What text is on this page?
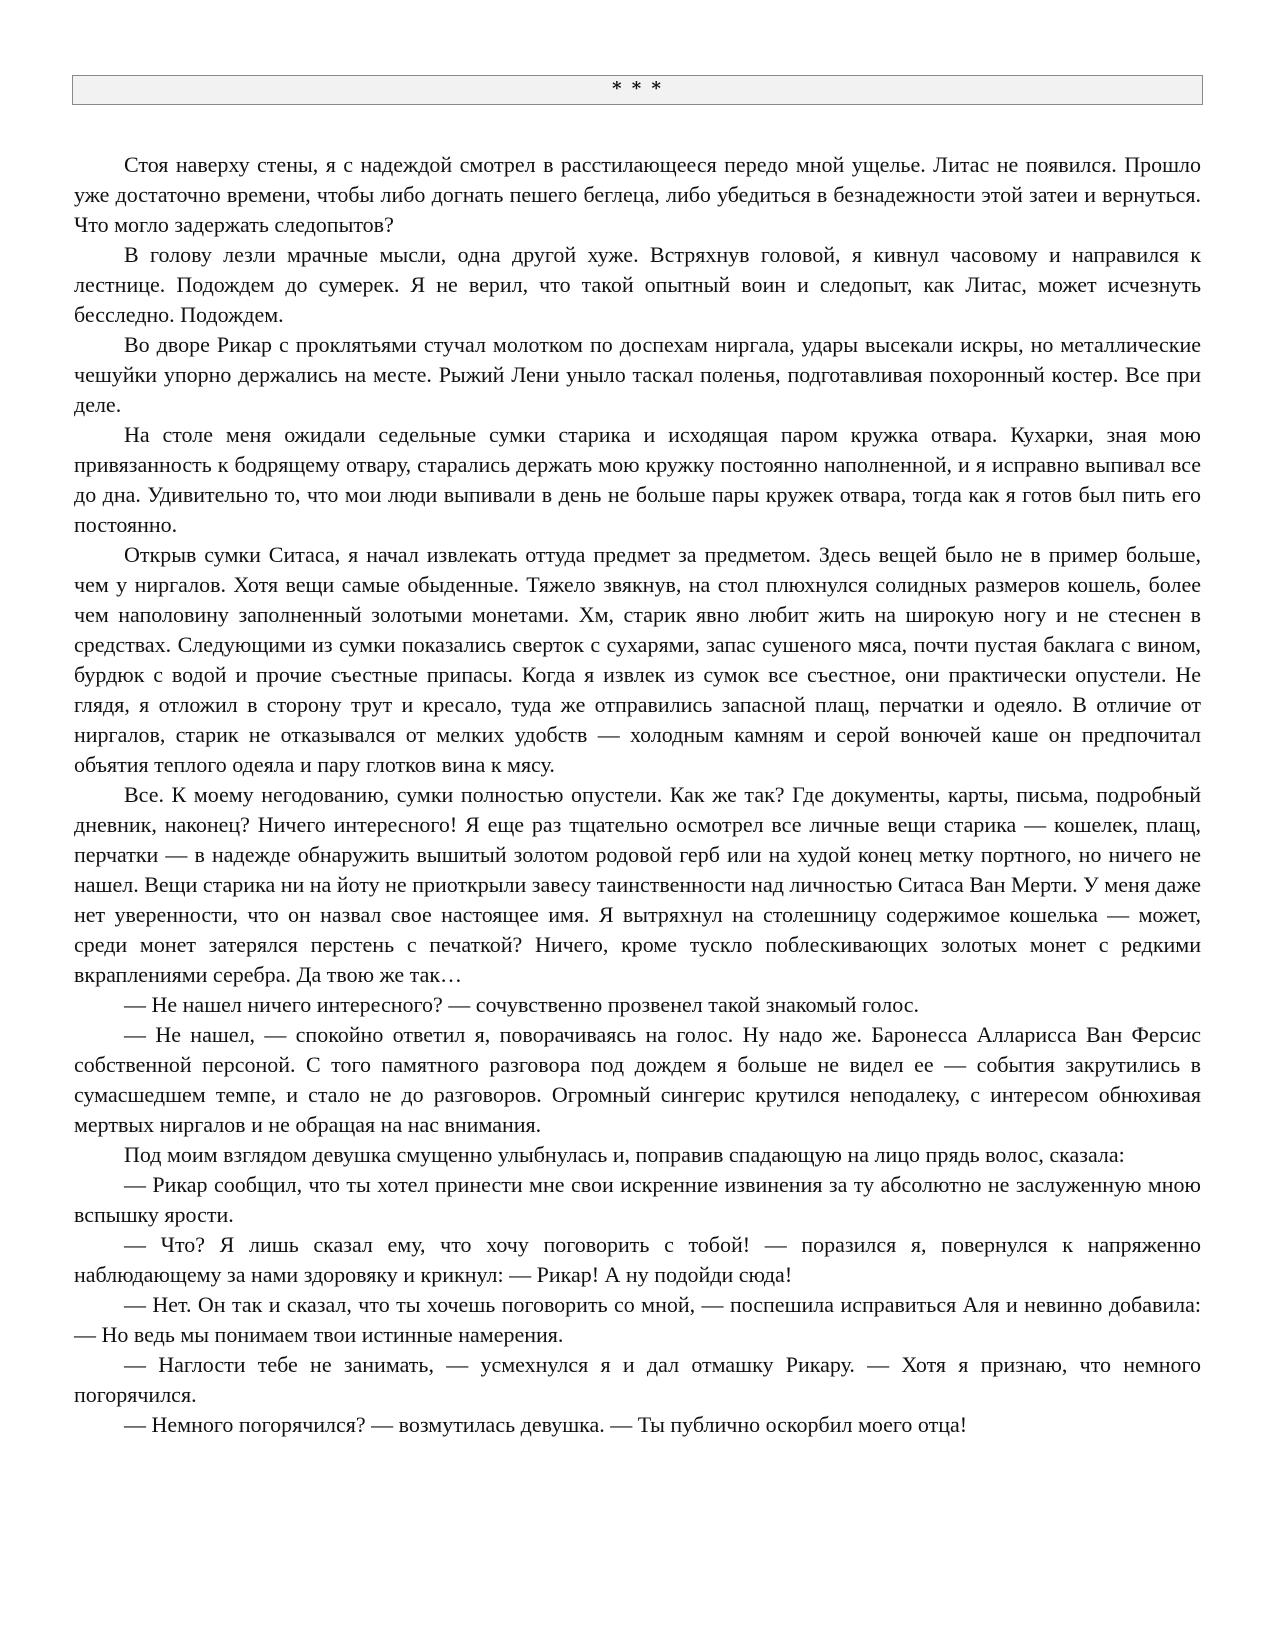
* * *

Стоя наверху стены, я с надеждой смотрел в расстилающееся передо мной ущелье. Литас не появился. Прошло уже достаточно времени, чтобы либо догнать пешего беглеца, либо убедиться в безнадежности этой затеи и вернуться. Что могло задержать следопытов?

В голову лезли мрачные мысли, одна другой хуже. Встряхнув головой, я кивнул часовому и направился к лестнице. Подождем до сумерек. Я не верил, что такой опытный воин и следопыт, как Литас, может исчезнуть бесследно. Подождем.

Во дворе Рикар с проклятьями стучал молотком по доспехам ниргала, удары высекали искры, но металлические чешуйки упорно держались на месте. Рыжий Лени уныло таскал поленья, подготавливая похоронный костер. Все при деле.

На столе меня ожидали седельные сумки старика и исходящая паром кружка отвара. Кухарки, зная мою привязанность к бодрящему отвару, старались держать мою кружку постоянно наполненной, и я исправно выпивал все до дна. Удивительно то, что мои люди выпивали в день не больше пары кружек отвара, тогда как я готов был пить его постоянно.

Открыв сумки Ситаса, я начал извлекать оттуда предмет за предметом. Здесь вещей было не в пример больше, чем у ниргалов. Хотя вещи самые обыденные. Тяжело звякнув, на стол плюхнулся солидных размеров кошель, более чем наполовину заполненный золотыми монетами. Хм, старик явно любит жить на широкую ногу и не стеснен в средствах. Следующими из сумки показались сверток с сухарями, запас сушеного мяса, почти пустая баклага с вином, бурдюк с водой и прочие съестные припасы. Когда я извлек из сумок все съестное, они практически опустели. Не глядя, я отложил в сторону трут и кресало, туда же отправились запасной плащ, перчатки и одеяло. В отличие от ниргалов, старик не отказывался от мелких удобств — холодным камням и серой вонючей каше он предпочитал объятия теплого одеяла и пару глотков вина к мясу.

Все. К моему негодованию, сумки полностью опустели. Как же так? Где документы, карты, письма, подробный дневник, наконец? Ничего интересного! Я еще раз тщательно осмотрел все личные вещи старика — кошелек, плащ, перчатки — в надежде обнаружить вышитый золотом родовой герб или на худой конец метку портного, но ничего не нашел. Вещи старика ни на йоту не приоткрыли завесу таинственности над личностью Ситаса Ван Мерти. У меня даже нет уверенности, что он назвал свое настоящее имя. Я вытряхнул на столешницу содержимое кошелька — может, среди монет затерялся перстень с печаткой? Ничего, кроме тускло поблескивающих золотых монет с редкими вкраплениями серебра. Да твою же так…

— Не нашел ничего интересного? — сочувственно прозвенел такой знакомый голос.

— Не нашел, — спокойно ответил я, поворачиваясь на голос. Ну надо же. Баронесса Алларисса Ван Ферсис собственной персоной. С того памятного разговора под дождем я больше не видел ее — события закрутились в сумасшедшем темпе, и стало не до разговоров. Огромный сингерис крутился неподалеку, с интересом обнюхивая мертвых ниргалов и не обращая на нас внимания.

Под моим взглядом девушка смущенно улыбнулась и, поправив спадающую на лицо прядь волос, сказала:

— Рикар сообщил, что ты хотел принести мне свои искренние извинения за ту абсолютно не заслуженную мною вспышку ярости.

— Что? Я лишь сказал ему, что хочу поговорить с тобой! — поразился я, повернулся к напряженно наблюдающему за нами здоровяку и крикнул: — Рикар! А ну подойди сюда!

— Нет. Он так и сказал, что ты хочешь поговорить со мной, — поспешила исправиться Аля и невинно добавила: — Но ведь мы понимаем твои истинные намерения.

— Наглости тебе не занимать, — усмехнулся я и дал отмашку Рикару. — Хотя я признаю, что немного погорячился.

— Немного погорячился? — возмутилась девушка. — Ты публично оскорбил моего отца!
